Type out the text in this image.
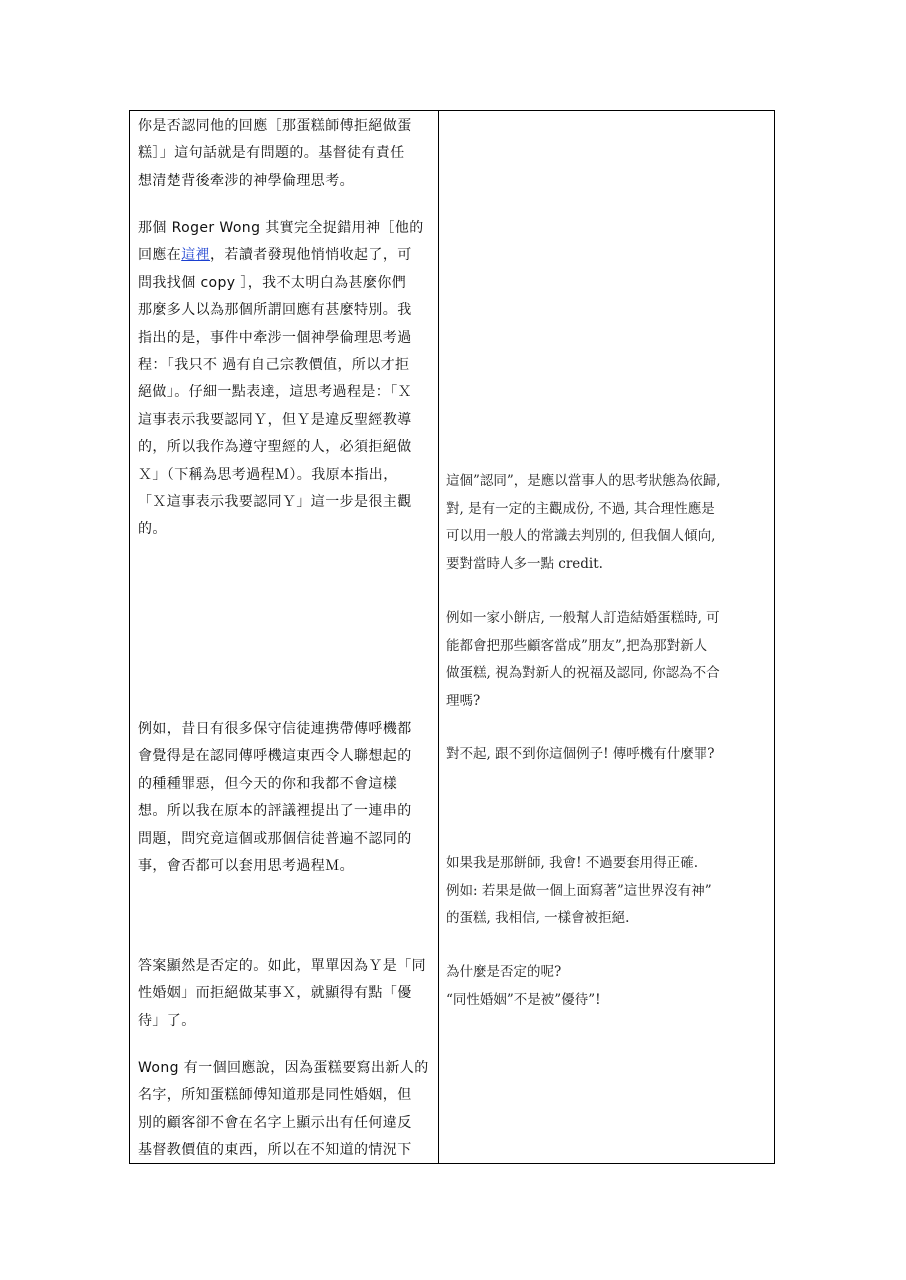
你是否認同他的回應［那蛋糕師傅拒絕做蛋
糕］」這句話就是有問題的。基督徒有責任
想清楚背後牽涉的神學倫理思考。
那個 Roger Wong 其實完全捉錯用神［他的
回應在這裡，若讀者發現他悄悄收起了，可
問我找個 copy ］，我不太明白為甚麼你們
那麼多人以為那個所謂回應有甚麼特別。我
指出的是，事件中牽涉一個神學倫理思考過
程：「我只不 過有自己宗教價值，所以才拒
絕做」。仔細一點表達，這思考過程是：「Ｘ
這事表示我要認同Ｙ，但Ｙ是違反聖經教導
的，所以我作為遵守聖經的人，必須拒絕做
Ｘ」（下稱為思考過程Ｍ）。我原本指出，
「Ｘ這事表示我要認同Ｙ」這一步是很主觀
的。
例如，昔日有很多保守信徒連携帶傳呼機都
會覺得是在認同傳呼機這東西令人聯想起的
的種種罪惡，但今天的你和我都不會這樣
想。所以我在原本的評議裡提出了一連串的
問題，問究竟這個或那個信徒普遍不認同的
事，會否都可以套用思考過程Ｍ。
答案顯然是否定的。如此，單單因為Ｙ是「同
性婚姻」而拒絕做某事Ｘ，就顯得有點「優
待」了。
Wong 有一個回應說，因為蛋糕要寫出新人的
名字，所知蛋糕師傅知道那是同性婚姻，但
別的顧客卻不會在名字上顯示出有任何違反
基督教價值的東西，所以在不知道的情況下
這個”認同”，是應以當事人的思考狀態為依歸,
對, 是有一定的主觀成份, 不過, 其合理性應是
可以用一般人的常識去判別的, 但我個人傾向,
要對當時人多一點 credit.
例如一家小餅店, 一般幫人訂造結婚蛋糕時, 可
能都會把那些顧客當成”朋友”,把為那對新人
做蛋糕, 視為對新人的祝福及認同, 你認為不合
理嗎?
對不起, 跟不到你這個例子! 傳呼機有什麼罪?
如果我是那餅師, 我會! 不過要套用得正確.
例如: 若果是做一個上面寫著”這世界沒有神”
的蛋糕, 我相信, 一樣會被拒絕.
為什麼是否定的呢?
“同性婚姻”不是被”優待”!
